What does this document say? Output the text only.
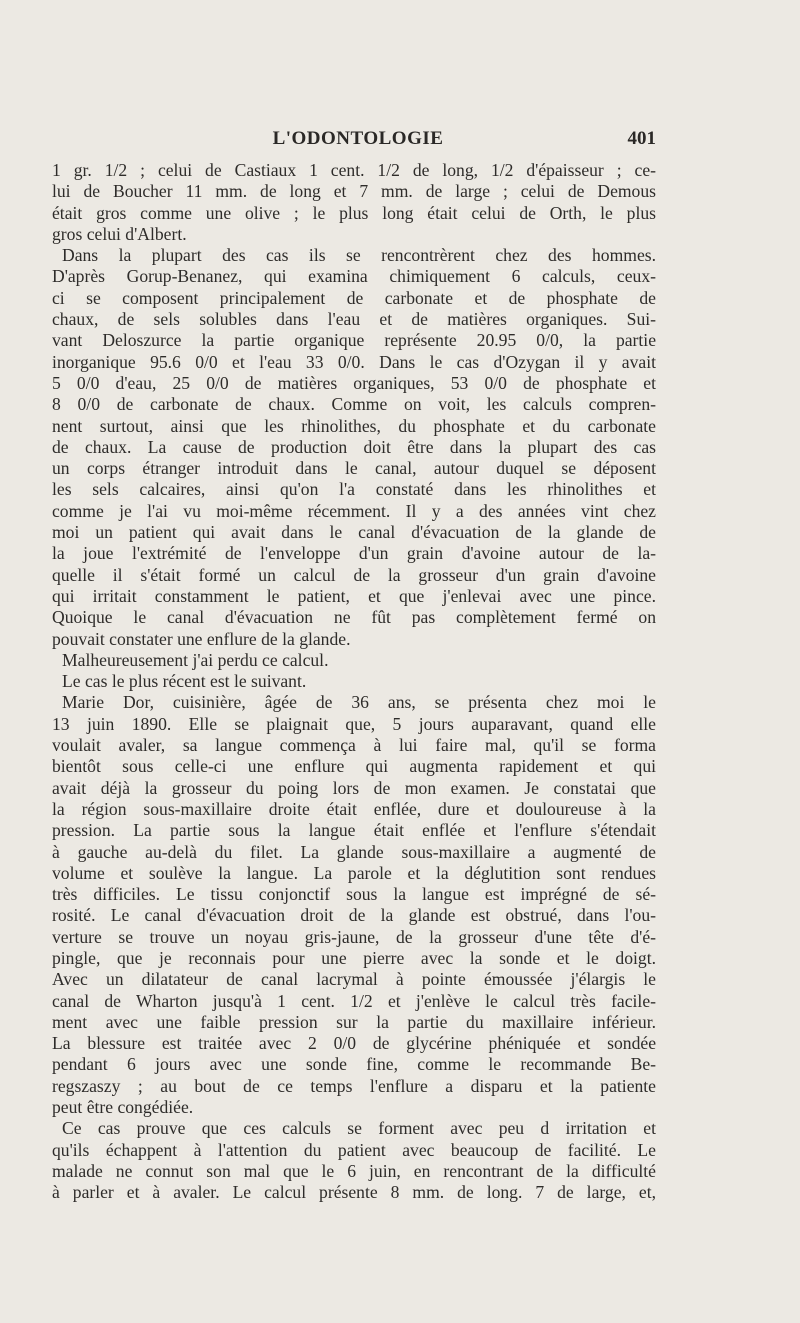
L'ODONTOLOGIE	401
1 gr. 1/2 ; celui de Castiaux 1 cent. 1/2 de long, 1/2 d'épaisseur ; ce-
lui de Boucher 11 mm. de long et 7 mm. de large ; celui de Demous
était gros comme une olive ; le plus long était celui de Orth, le plus
gros celui d'Albert.
Dans la plupart des cas ils se rencontrèrent chez des hommes.
D'après Gorup-Benanez, qui examina chimiquement 6 calculs, ceux-
ci se composent principalement de carbonate et de phosphate de
chaux, de sels solubles dans l'eau et de matières organiques. Sui-
vant Deloszurce la partie organique représente 20.95 0/0, la partie
inorganique 95.6 0/0 et l'eau 33 0/0. Dans le cas d'Ozygan il y avait
5 0/0 d'eau, 25 0/0 de matières organiques, 53 0/0 de phosphate et
8 0/0 de carbonate de chaux. Comme on voit, les calculs compren-
nent surtout, ainsi que les rhinolithes, du phosphate et du carbonate
de chaux. La cause de production doit être dans la plupart des cas
un corps étranger introduit dans le canal, autour duquel se déposent
les sels calcaires, ainsi qu'on l'a constaté dans les rhinolithes et
comme je l'ai vu moi-même récemment. Il y a des années vint chez
moi un patient qui avait dans le canal d'évacuation de la glande de
la joue l'extrémité de l'enveloppe d'un grain d'avoine autour de la-
quelle il s'était formé un calcul de la grosseur d'un grain d'avoine
qui irritait constamment le patient, et que j'enlevai avec une pince.
Quoique le canal d'évacuation ne fût pas complètement fermé on
pouvait constater une enflure de la glande.
Malheureusement j'ai perdu ce calcul.
Le cas le plus récent est le suivant.
Marie Dor, cuisinière, âgée de 36 ans, se présenta chez moi le
13 juin 1890. Elle se plaignait que, 5 jours auparavant, quand elle
voulait avaler, sa langue commença à lui faire mal, qu'il se forma
bientôt sous celle-ci une enflure qui augmenta rapidement et qui
avait déjà la grosseur du poing lors de mon examen. Je constatai que
la région sous-maxillaire droite était enflée, dure et douloureuse à la
pression. La partie sous la langue était enflée et l'enflure s'étendait
à gauche au-delà du filet. La glande sous-maxillaire a augmenté de
volume et soulève la langue. La parole et la déglutition sont rendues
très difficiles. Le tissu conjonctif sous la langue est imprégné de sé-
rosité. Le canal d'évacuation droit de la glande est obstrué, dans l'ou-
verture se trouve un noyau gris-jaune, de la grosseur d'une tête d'é-
pingle, que je reconnais pour une pierre avec la sonde et le doigt.
Avec un dilatateur de canal lacrymal à pointe émoussée j'élargis le
canal de Wharton jusqu'à 1 cent. 1/2 et j'enlève le calcul très facile-
ment avec une faible pression sur la partie du maxillaire inférieur.
La blessure est traitée avec 2 0/0 de glycérine phéniquée et sondée
pendant 6 jours avec une sonde fine, comme le recommande Be-
regszaszy ; au bout de ce temps l'enflure a disparu et la patiente
peut être congédiée.
Ce cas prouve que ces calculs se forment avec peu d irritation et
qu'ils échappent à l'attention du patient avec beaucoup de facilité. Le
malade ne connut son mal que le 6 juin, en rencontrant de la difficulté
à parler et à avaler. Le calcul présente 8 mm. de long. 7 de large, et,
